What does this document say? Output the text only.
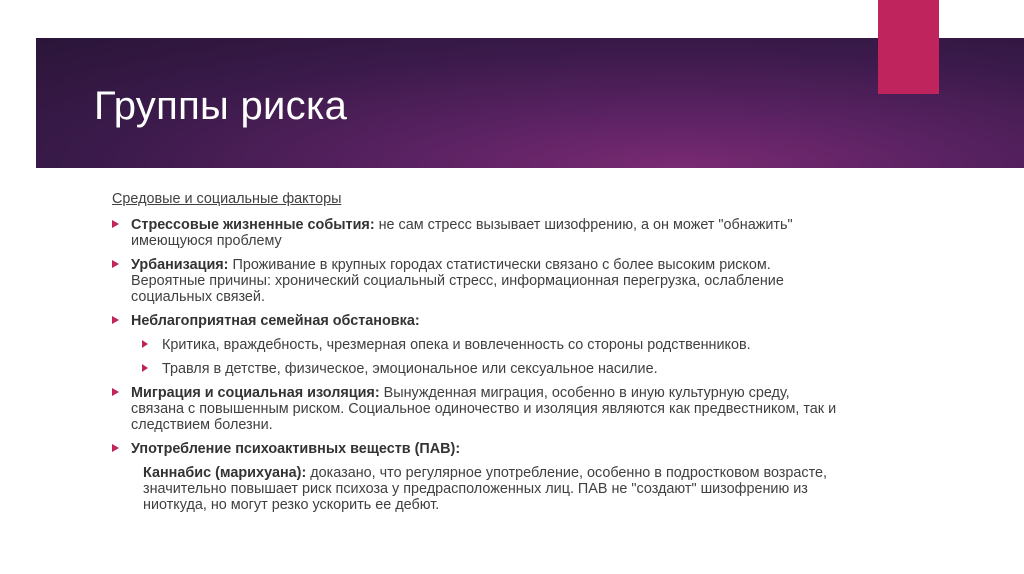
Группы риска
Средовые и социальные факторы
Стрессовые жизненные события: не сам стресс вызывает шизофрению, а он может "обнажить" имеющуюся проблему
Урбанизация: Проживание в крупных городах статистически связано с более высоким риском. Вероятные причины: хронический социальный стресс, информационная перегрузка, ослабление социальных связей.
Неблагоприятная семейная обстановка:
Критика, враждебность, чрезмерная опека и вовлеченность со стороны родственников.
Травля в детстве, физическое, эмоциональное или сексуальное насилие.
Миграция и социальная изоляция: Вынужденная миграция, особенно в иную культурную среду, связана с повышенным риском. Социальное одиночество и изоляция являются как предвестником, так и следствием болезни.
Употребление психоактивных веществ (ПАВ):
Каннабис (марихуана): доказано, что регулярное употребление, особенно в подростковом возрасте, значительно повышает риск психоза у предрасположенных лиц. ПАВ не "создают" шизофрению из ниоткуда, но могут резко ускорить ее дебют.
